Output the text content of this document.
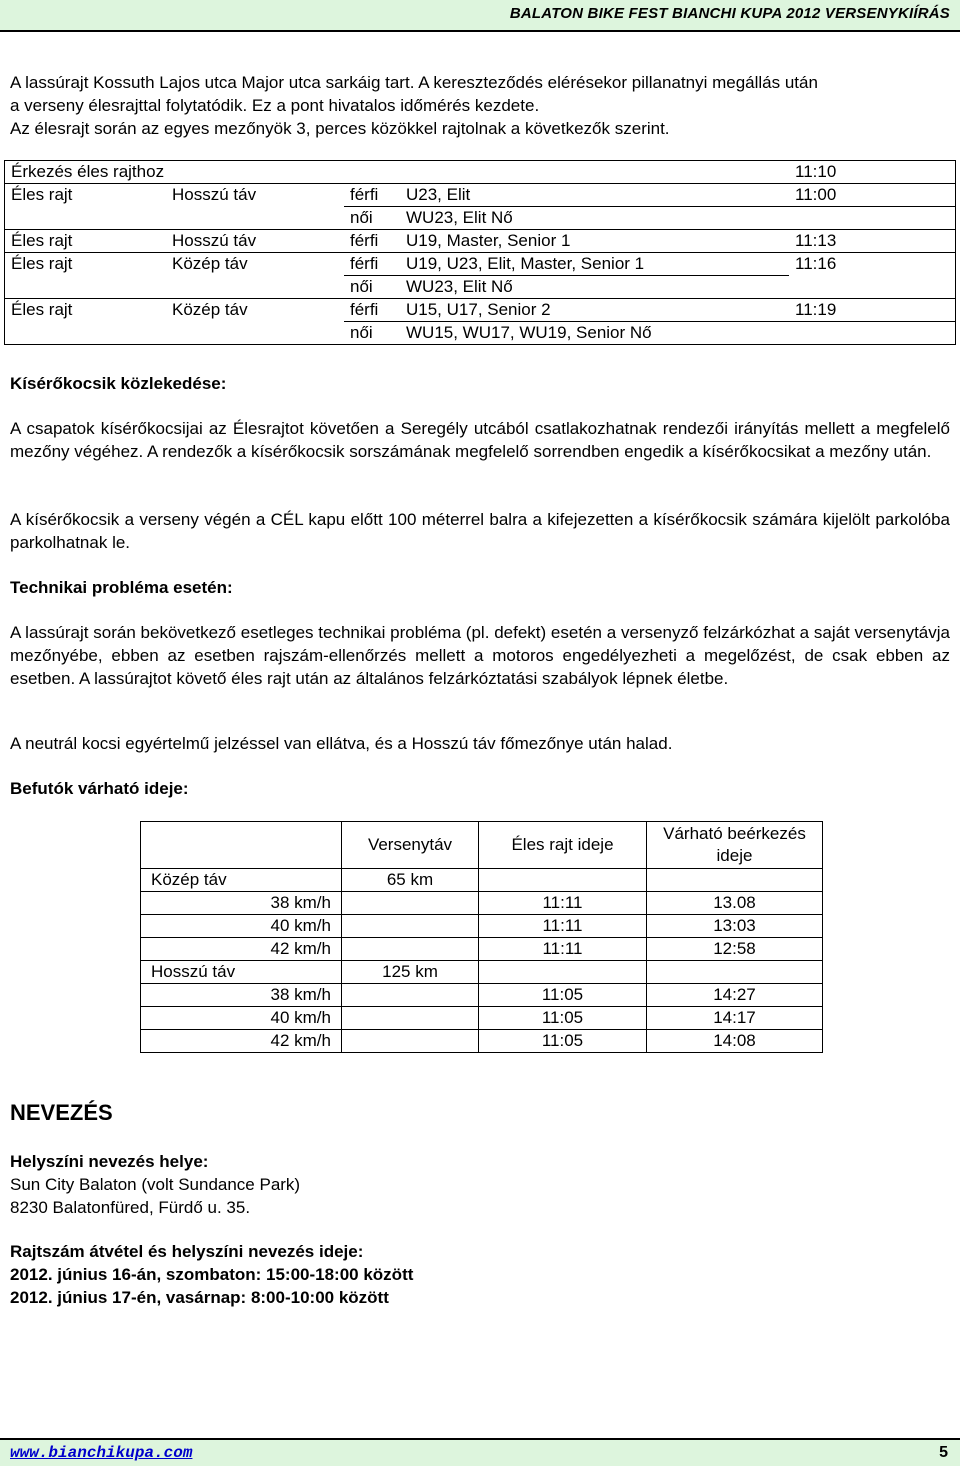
BALATON BIKE FEST BIANCHI KUPA 2012 VERSENYKIÍRÁS
A lassúrajt Kossuth Lajos utca Major utca sarkáig tart. A kereszteződés elérésekor pillanatnyi megállás után
a verseny élesrajttal folytatódik. Ez a pont hivatalos időmérés kezdete.
Az élesrajt során az egyes mezőnyök 3, perces közökkel rajtolnak a következők szerint.
Érkezés éles rajthoz				11:10
Éles rajt	Hosszú táv	férfi	U23, Elit	11:00
		női	WU23, Elit Nő	
Éles rajt	Hosszú táv	férfi	U19, Master, Senior 1	11:13
Éles rajt	Közép táv	férfi	U19, U23, Elit, Master, Senior 1	11:16
		női	WU23, Elit Nő	
Éles rajt	Közép táv	férfi	U15, U17, Senior 2	11:19
		női	WU15, WU17, WU19, Senior Nő	
Kísérőkocsik közlekedése:
A csapatok kísérőkocsijai az Élesrajtot követően a Seregély utcából csatlakozhatnak rendezői irányítás mellett a megfelelő mezőny végéhez. A rendezők a kísérőkocsik sorszámának megfelelő sorrendben engedik a kísérőkocsikat a mezőny után.
A kísérőkocsik a verseny végén a CÉL kapu előtt 100 méterrel balra a kifejezetten a kísérőkocsik számára kijelölt parkolóba parkolhatnak le.
Technikai probléma esetén:
A lassúrajt során bekövetkező esetleges technikai probléma (pl. defekt) esetén a versenyző felzárkózhat a saját versenytávja mezőnyébe, ebben az esetben rajszám-ellenőrzés mellett a motoros engedélyezheti a megelőzést, de csak ebben az esetben. A lassúrajtot követő éles rajt után az általános felzárkóztatási szabályok lépnek életbe.
A neutrál kocsi egyértelmű jelzéssel van ellátva, és a Hosszú táv főmezőnye után halad.
Befutók várható ideje:
	Versenytáv	Éles rajt ideje	Várható beérkezés ideje
Közép táv	65 km		
38 km/h		11:11	13.08
40 km/h		11:11	13:03
42 km/h		11:11	12:58
Hosszú táv	125 km		
38 km/h		11:05	14:27
40 km/h		11:05	14:17
42 km/h		11:05	14:08
NEVEZÉS
Helyszíni nevezés helye:
Sun City Balaton (volt Sundance Park)
8230 Balatonfüred, Fürdő u. 35.
Rajtszám átvétel és helyszíni nevezés ideje:
2012. június 16-án, szombaton: 15:00-18:00 között
2012. június 17-én, vasárnap: 8:00-10:00 között
www.bianchikupa.com	5
